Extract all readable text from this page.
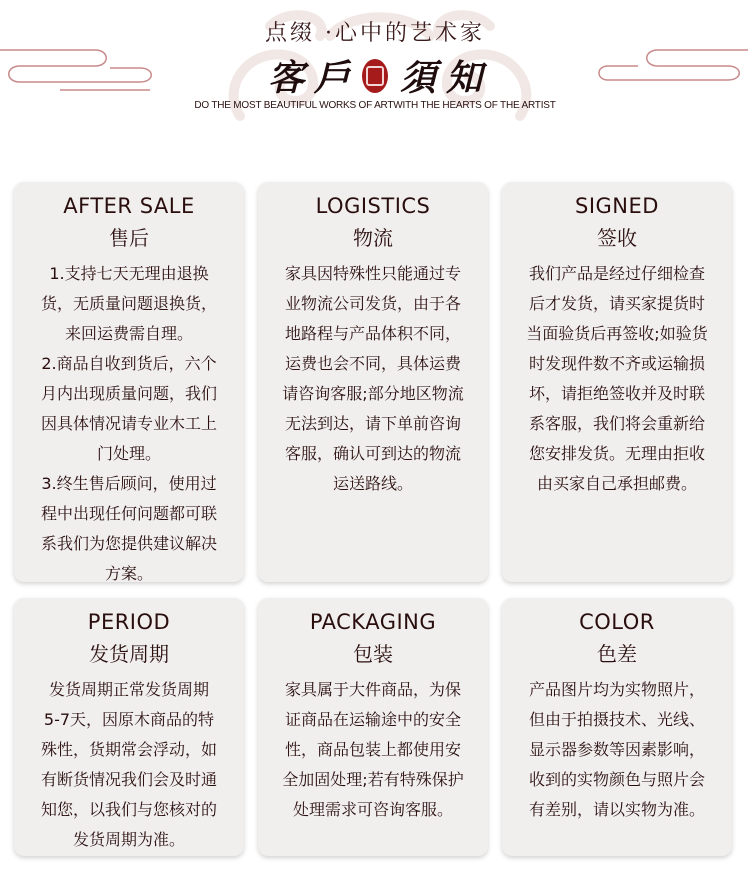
点缀 ·心中的艺术家
客 戶 須 知
DO THE MOST BEAUTIFUL WORKS OF ARTWITH THE HEARTS OF THE ARTIST
AFTER SALE
售后
1.支持七天无理由退换
货，无质量问题退换货，
来回运费需自理。
2.商品自收到货后，六个
月内出现质量问题，我们
因具体情况请专业木工上
门处理。
3.终生售后顾问，使用过
程中出现任何问题都可联
系我们为您提供建议解决
方案。
LOGISTICS
物流
家具因特殊性只能通过专
业物流公司发货，由于各
地路程与产品体积不同，
运费也会不同，具体运费
请咨询客服;部分地区物流
无法到达，请下单前咨询
客服，确认可到达的物流
运送路线。
SIGNED
签收
我们产品是经过仔细检查
后才发货，请买家提货时
当面验货后再签收;如验货
时发现件数不齐或运输损
坏，请拒绝签收并及时联
系客服，我们将会重新给
您安排发货。无理由拒收
由买家自己承担邮费。
PERIOD
发货周期
发货周期正常发货周期
5-7天，因原木商品的特
殊性，货期常会浮动，如
有断货情况我们会及时通
知您，以我们与您核对的
发货周期为准。
PACKAGING
包装
家具属于大件商品，为保
证商品在运输途中的安全
性，商品包装上都使用安
全加固处理;若有特殊保护
处理需求可咨询客服。
COLOR
色差
产品图片均为实物照片，
但由于拍摄技术、光线、
显示器参数等因素影响，
收到的实物颜色与照片会
有差别，请以实物为准。
